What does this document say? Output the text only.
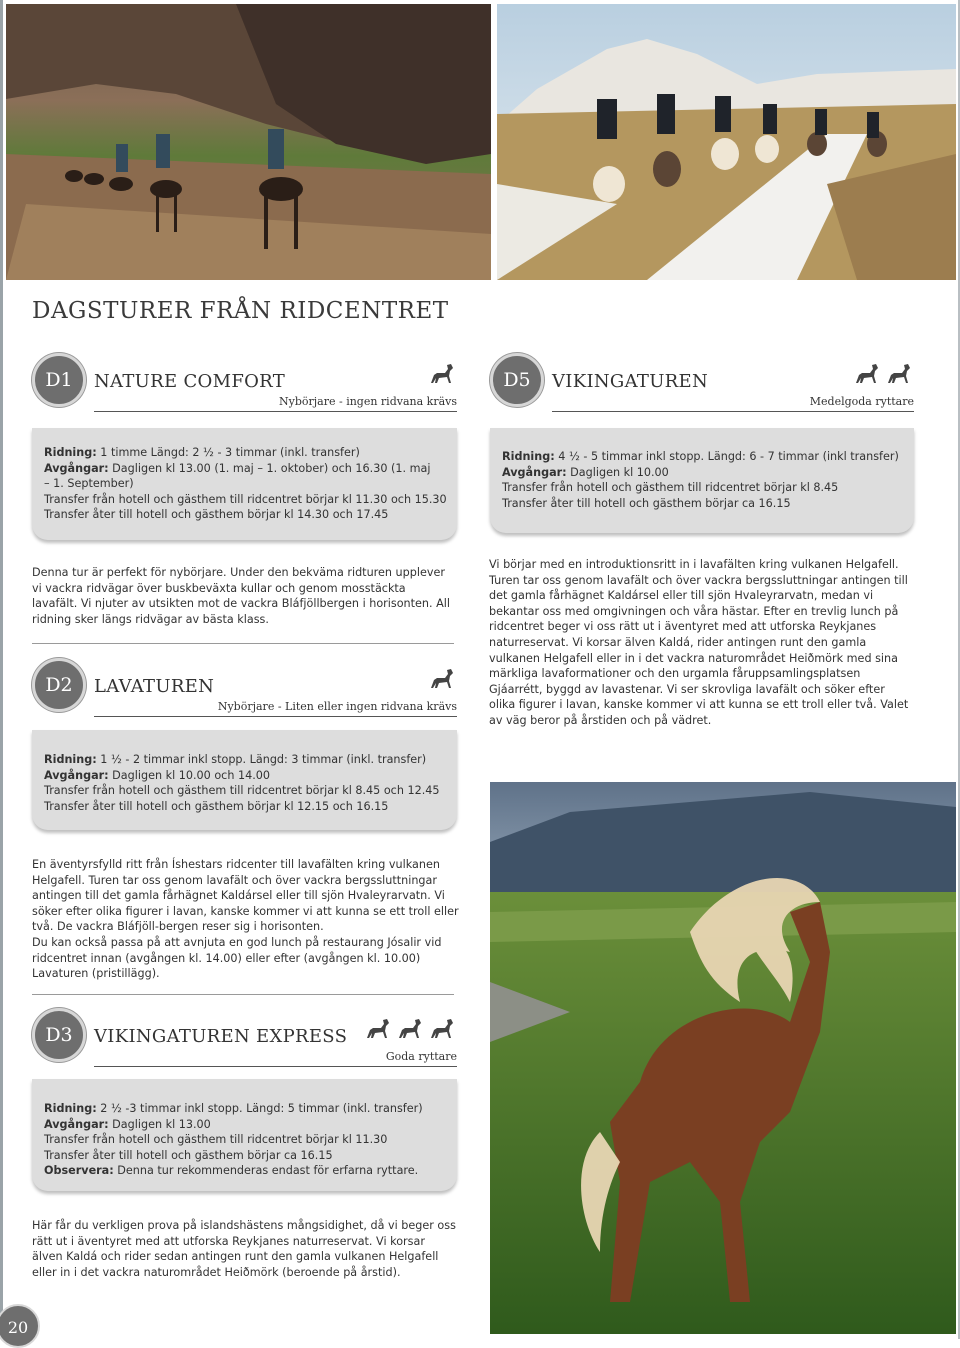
DAGSTURER FRÅN RIDCENTRET
D1	NATURE COMFORT
Nybörjare - ingen ridvana krävs
Ridning: 1 timme Längd: 2 ½ - 3 timmar (inkl. transfer)
Avgångar: Dagligen kl 13.00 (1. maj – 1. oktober) och 16.30 (1. maj
– 1. September)
Transfer från hotell och gästhem till ridcentret börjar kl 11.30 och 15.30
Transfer åter till hotell och gästhem börjar kl 14.30 och 17.45

Denna tur är perfekt för nybörjare. Under den bekväma ridturen upplever vi vackra ridvägar över buskbeväxta kullar och genom mosstäckta lavafält. Vi njuter av utsikten mot de vackra Bláfjöllbergen i horisonten. All ridning sker längs ridvägar av bästa klass.

D2	LAVATUREN
Nybörjare - Liten eller ingen ridvana krävs
Ridning: 1 ½ - 2 timmar inkl stopp. Längd: 3 timmar (inkl. transfer)
Avgångar: Dagligen kl 10.00 och 14.00
Transfer från hotell och gästhem till ridcentret börjar kl 8.45 och 12.45
Transfer åter till hotell och gästhem börjar kl 12.15 och 16.15

En äventyrsfylld ritt från Íshestars ridcenter till lavafälten kring vulkanen Helgafell. Turen tar oss genom lavafält och över vackra bergssluttningar antingen till det gamla fårhägnet Kaldársel eller till sjön Hvaleyrarvatn. Vi söker efter olika figurer i lavan, kanske kommer vi att kunna se ett troll eller två. De vackra Bláfjöll-bergen reser sig i horisonten.

Du kan också passa på att avnjuta en god lunch på restaurang Jósalir vid ridcentret innan (avgången kl. 14.00) eller efter (avgången kl. 10.00) Lavaturen (pristillägg).

D3	VIKINGATUREN EXPRESS
Goda ryttare
Ridning: 2 ½ -3 timmar inkl stopp. Längd: 5 timmar (inkl. transfer)
Avgångar: Dagligen kl 13.00
Transfer från hotell och gästhem till ridcentret börjar kl 11.30
Transfer åter till hotell och gästhem börjar ca 16.15
Observera: Denna tur rekommenderas endast för erfarna ryttare.

Här får du verkligen prova på islandshästens mångsidighet, då vi beger oss rätt ut i äventyret med att utforska Reykjanes naturreservat. Vi korsar älven Kaldá och rider sedan antingen runt den gamla vulkanen Helgafell eller in i det vackra naturområdet Heiðmörk (beroende på årstid).

D5	VIKINGATUREN
Medelgoda ryttare
Ridning: 4 ½ - 5 timmar inkl stopp. Längd: 6 - 7 timmar (inkl transfer)
Avgångar: Dagligen kl 10.00
Transfer från hotell och gästhem till ridcentret börjar kl 8.45
Transfer åter till hotell och gästhem börjar ca 16.15

Vi börjar med en introduktionsritt in i lavafälten kring vulkanen Helgafell. Turen tar oss genom lavafält och över vackra bergssluttningar antingen till det gamla fårhägnet Kaldársel eller till sjön Hvaleyrarvatn, medan vi bekantar oss med omgivningen och våra hästar. Efter en trevlig lunch på ridcentret beger vi oss rätt ut i äventyret med att utforska Reykjanes naturreservat. Vi korsar älven Kaldá, rider antingen runt den gamla vulkanen Helgafell eller in i det vackra naturområdet Heiðmörk med sina märkliga lavaformationer och den urgamla fåruppsamlingsplatsen Gjáarrétt, byggd av lavastenar. Vi ser skrovliga lavafält och söker efter olika figurer i lavan, kanske kommer vi att kunna se ett troll eller två. Valet av väg beror på årstiden och på vädret.

20
